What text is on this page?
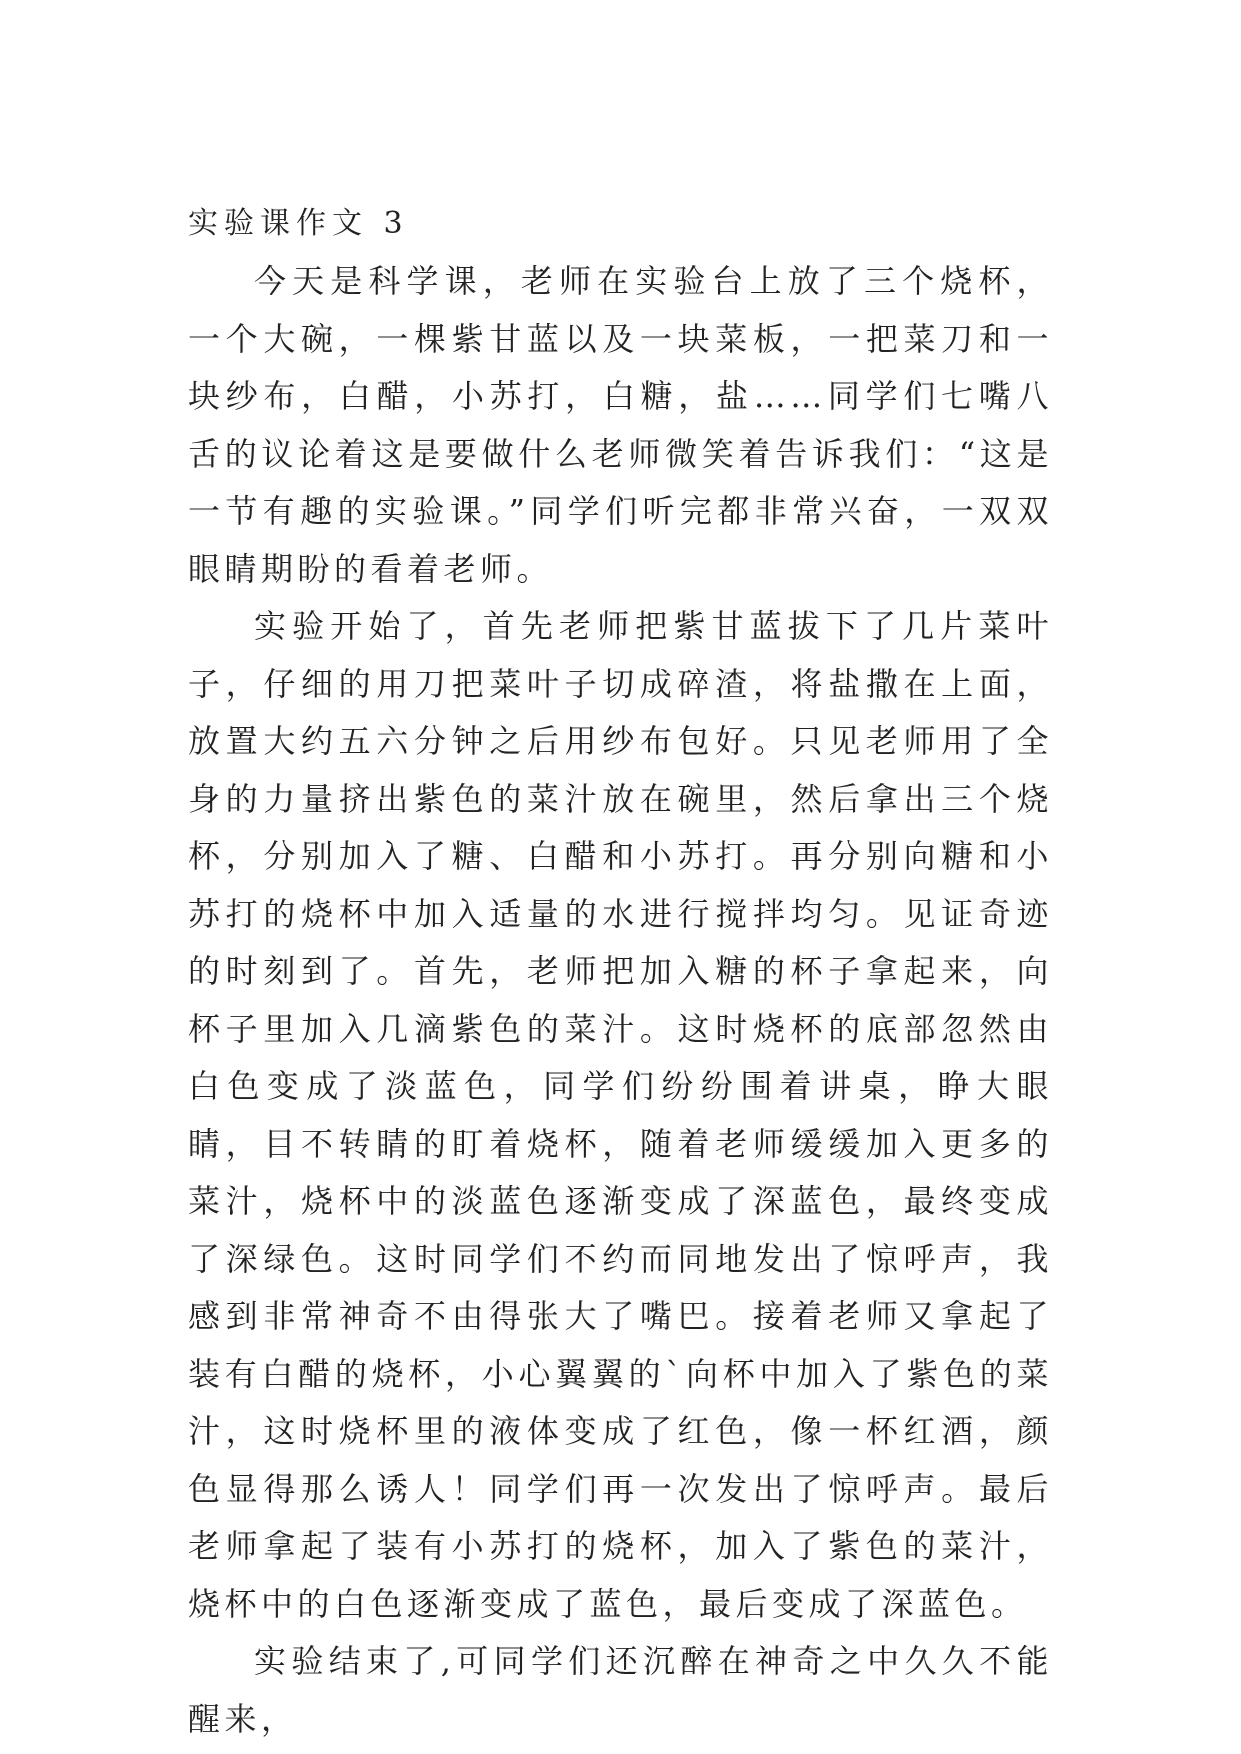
实验课作文 3

今天是科学课，老师在实验台上放了三个烧杯，一个大碗，一棵紫甘蓝以及一块菜板，一把菜刀和一块纱布，白醋，小苏打，白糖，盐……同学们七嘴八舌的议论着这是要做什么老师微笑着告诉我们：“这是一节有趣的实验课。”同学们听完都非常兴奋，一双双眼睛期盼的看着老师。

实验开始了，首先老师把紫甘蓝拔下了几片菜叶子，仔细的用刀把菜叶子切成碎渣，将盐撒在上面，放置大约五六分钟之后用纱布包好。只见老师用了全身的力量挤出紫色的菜汁放在碗里，然后拿出三个烧杯，分别加入了糖、白醋和小苏打。再分别向糖和小苏打的烧杯中加入适量的水进行搅拌均匀。见证奇迹的时刻到了。首先，老师把加入糖的杯子拿起来，向杯子里加入几滴紫色的菜汁。这时烧杯的底部忽然由白色变成了淡蓝色，同学们纷纷围着讲桌，睁大眼睛，目不转睛的盯着烧杯，随着老师缓缓加入更多的菜汁，烧杯中的淡蓝色逐渐变成了深蓝色，最终变成了深绿色。这时同学们不约而同地发出了惊呼声，我感到非常神奇不由得张大了嘴巴。接着老师又拿起了装有白醋的烧杯，小心翼翼的`向杯中加入了紫色的菜汁，这时烧杯里的液体变成了红色，像一杯红酒，颜色显得那么诱人！同学们再一次发出了惊呼声。最后老师拿起了装有小苏打的烧杯，加入了紫色的菜汁，烧杯中的白色逐渐变成了蓝色，最后变成了深蓝色。

实验结束了,可同学们还沉醉在神奇之中久久不能醒来，
